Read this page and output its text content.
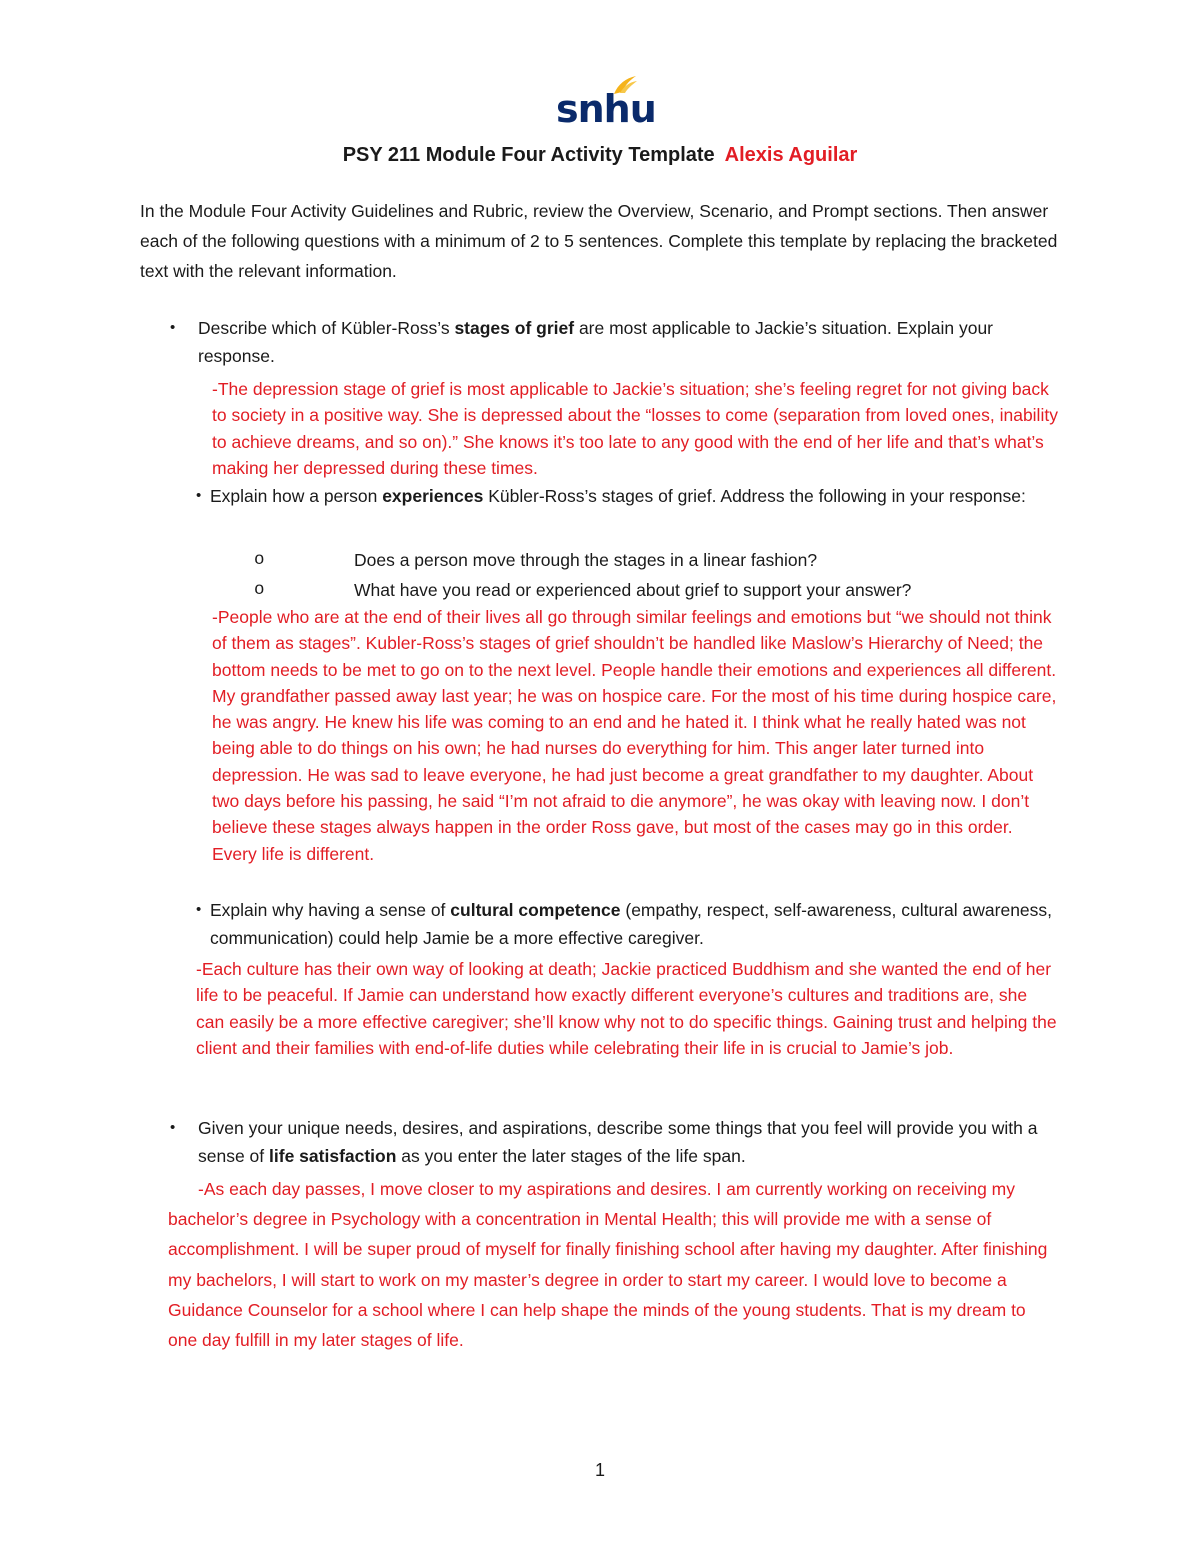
snhu
PSY 211 Module Four Activity Template Alexis Aguilar
In the Module Four Activity Guidelines and Rubric, review the Overview, Scenario, and Prompt sections. Then answer each of the following questions with a minimum of 2 to 5 sentences. Complete this template by replacing the bracketed text with the relevant information.
•	Describe which of Kübler-Ross’s stages of grief are most applicable to Jackie’s situation. Explain your response.
-The depression stage of grief is most applicable to Jackie’s situation; she’s feeling regret for not giving back to society in a positive way. She is depressed about the “losses to come (separation from loved ones, inability to achieve dreams, and so on).” She knows it’s too late to any good with the end of her life and that’s what’s making her depressed during these times.
• Explain how a person experiences Kübler-Ross’s stages of grief. Address the following in your response:
o	Does a person move through the stages in a linear fashion?
o	What have you read or experienced about grief to support your answer?
-People who are at the end of their lives all go through similar feelings and emotions but “we should not think of them as stages”. Kubler-Ross’s stages of grief shouldn’t be handled like Maslow’s Hierarchy of Need; the bottom needs to be met to go on to the next level. People handle their emotions and experiences all different. My grandfather passed away last year; he was on hospice care. For the most of his time during hospice care, he was angry. He knew his life was coming to an end and he hated it. I think what he really hated was not being able to do things on his own; he had nurses do everything for him. This anger later turned into depression. He was sad to leave everyone, he had just become a great grandfather to my daughter. About two days before his passing, he said “I’m not afraid to die anymore”, he was okay with leaving now. I don’t believe these stages always happen in the order Ross gave, but most of the cases may go in this order. Every life is different.
• Explain why having a sense of cultural competence (empathy, respect, self-awareness, cultural awareness, communication) could help Jamie be a more effective caregiver.
-Each culture has their own way of looking at death; Jackie practiced Buddhism and she wanted the end of her life to be peaceful. If Jamie can understand how exactly different everyone’s cultures and traditions are, she can easily be a more effective caregiver; she’ll know why not to do specific things. Gaining trust and helping the client and their families with end-of-life duties while celebrating their life in is crucial to Jamie’s job.
•	Given your unique needs, desires, and aspirations, describe some things that you feel will provide you with a sense of life satisfaction as you enter the later stages of the life span.
-As each day passes, I move closer to my aspirations and desires. I am currently working on receiving my bachelor’s degree in Psychology with a concentration in Mental Health; this will provide me with a sense of accomplishment. I will be super proud of myself for finally finishing school after having my daughter. After finishing my bachelors, I will start to work on my master’s degree in order to start my career. I would love to become a Guidance Counselor for a school where I can help shape the minds of the young students. That is my dream to one day fulfill in my later stages of life.
1
